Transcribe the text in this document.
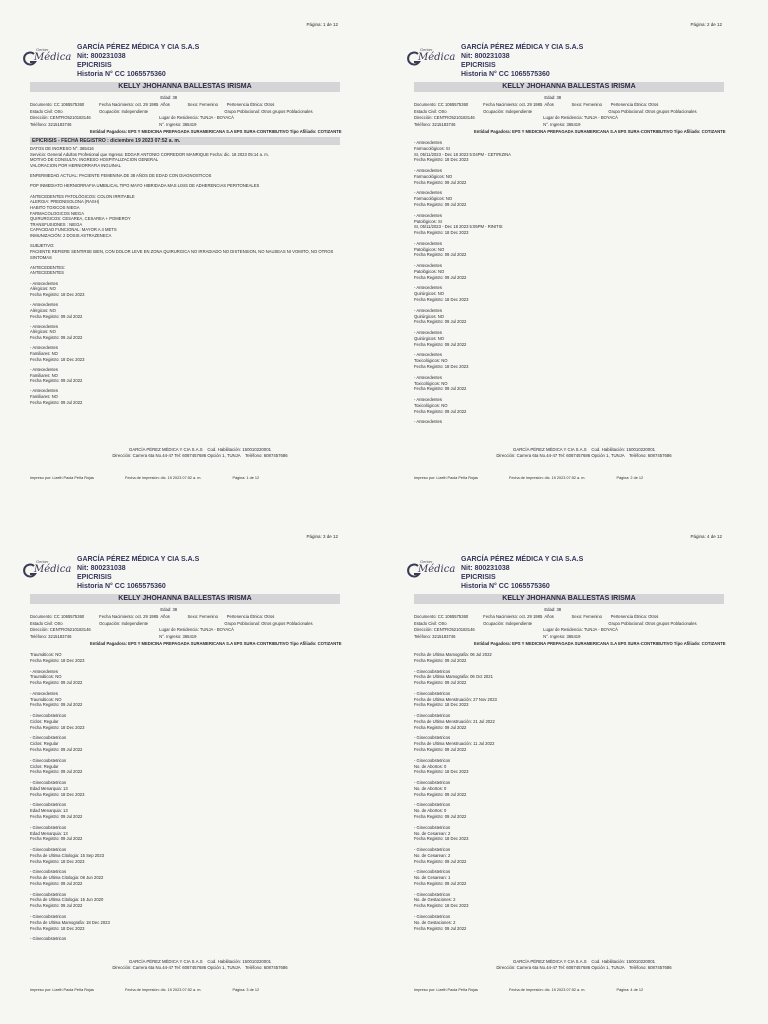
Página: 1 de 12
Gerber
Médica
GARCÍA PÉREZ MÉDICA Y CIA S.A.S
Nit: 800231038
EPICRISIS
Historia N° CC 1065575360
KELLY JHOHANNA BALLESTAS IRISMA
Documento: CC 1065575360	Fecha Nacimiento: oct. 29 1985 Edad: 38 Años	Sexo: Femenino Pertenencia Étnica: Otros
Estado Civil: Otro	Ocupación: Independiente	Grupo Poblacional: Otros grupos Poblacionales
Dirección: CENTRO5210183146	Lugar de Residencia: TUNJA - BOYACÁ
Teléfono: 3215183746	N°. Ingreso: 365419
Entidad Pagadora: EPS Y MEDICINA PREPAGADA SURAMERICANA S.A EPS SURA-CONTRIBUTIVO Tipo Afiliado: COTIZANTE
EPICRISIS - FECHA REGISTRO : diciembre 19 2023 07:52 a. m.
DATOS DE INGRESO N°: 365416
Servicio: General Adultos Profesional que Ingresa: EDGAR ANTONIO CORREDOR MANRIQUE Fecha: dic. 18 2023 05:14 a. m.
MOTIVO DE CONSULTA: INGRESO HOSPITALIZACION GENERAL
VALORACION POR HERNIORRAFIA INGUINAL
ENFERMEDAD ACTUAL: PACIENTE FEMENINA DE 38 AÑOS DE EDAD CON DIAGNOSTICOS
POP INMEDIATO HERNIORRAFIA UMBILICAL TIPO MAYO HIBRIDADA MAS LISIS DE ADHERENCIAS PERITONEALES
ANTECEDENTES PATOLÓGICOS: COLON IRRITABLE
ALERGIA: PREDNISOLONA (RASH)
HABITO TOXICOS NIEGA
FARMACOLOGICOS NIEGA
QUIRURGICOS: CESAREA, CESAREA + POMEROY
TRANSFUSIONES : NIEGA
CAPACIDAD FUNCIONAL: MAYOR A 4 METS
INMUNIZACIÓN: 2 DOSIS ASTRAZENECA
SUBJETIVO:
PACIENTE REFIERE SENTIRSE BIEN, CON DOLOR LEVE EN ZONA QUIRURGICA NO IRRADIADO NO DISTENSION, NO NAUSEAS NI VOMITO, NO OTROS
SINTOMAS
ANTECEDENTES:
ANTECEDENTES
- Antecedentes
Alérgicos: NO
Fecha Registro: 18 Dec 2023
- Antecedentes
Alérgicos: NO
Fecha Registro: 09 Jul 2022
- Antecedentes
Alérgicos: NO
Fecha Registro: 09 Jul 2022
- Antecedentes
Familiares: NO
Fecha Registro: 18 Dec 2023
- Antecedentes
Familiares: NO
Fecha Registro: 09 Jul 2022
- Antecedentes
Familiares: NO
Fecha Registro: 09 Jul 2022
GARCÍA PÉREZ MÉDICA Y CIA S.A.S Cod. Habilitación: 150010220001
Dirección: Carrera 6ta No.44-47 Tel: 6087457686 Opción 1, TUNJA Teléfono: 6087457686
Impreso por: Lizeth Paola Peña Rojas	Fecha de Impresión: dic. 19 2023 07:52 a. m.	Página: 1 de 12
Página: 2 de 12
Gerber
Médica
GARCÍA PÉREZ MÉDICA Y CIA S.A.S
Nit: 800231038
EPICRISIS
Historia N° CC 1065575360
KELLY JHOHANNA BALLESTAS IRISMA
Documento: CC 1065575360	Fecha Nacimiento: oct. 29 1985 Edad: 38 Años	Sexo: Femenino Pertenencia Étnica: Otros
Estado Civil: Otro	Ocupación: Independiente	Grupo Poblacional: Otros grupos Poblacionales
Dirección: CENTRO5210183146	Lugar de Residencia: TUNJA - BOYACÁ
Teléfono: 3215183746	N°. Ingreso: 365419
Entidad Pagadora: EPS Y MEDICINA PREPAGADA SURAMERICANA S.A EPS SURA-CONTRIBUTIVO Tipo Afiliado: COTIZANTE
- Antecedentes
Farmacológicos: SI
SI, 05/11/2023 - Dec 18 2023 5:04PM - CETIRIZINA
Fecha Registro: 18 Dec 2023
- Antecedentes
Farmacológicos: NO
Fecha Registro: 09 Jul 2022
- Antecedentes
Farmacológicos: NO
Fecha Registro: 09 Jul 2022
- Antecedentes
Patológicos: SI
SI, 05/11/2023 - Dec 18 2023 5:05PM - RINITIS
Fecha Registro: 18 Dec 2023
- Antecedentes
Patológicos: NO
Fecha Registro: 09 Jul 2022
- Antecedentes
Patológicos: NO
Fecha Registro: 09 Jul 2022
- Antecedentes
Quirúrgicos: NO
Fecha Registro: 18 Dec 2023
- Antecedentes
Quirúrgicos: NO
Fecha Registro: 09 Jul 2022
- Antecedentes
Quirúrgicos: NO
Fecha Registro: 09 Jul 2022
- Antecedentes
Toxicológicos: NO
Fecha Registro: 18 Dec 2023
- Antecedentes
Toxicológicos: NO
Fecha Registro: 09 Jul 2022
- Antecedentes
Toxicológicos: NO
Fecha Registro: 09 Jul 2022
- Antecedentes
GARCÍA PÉREZ MÉDICA Y CIA S.A.S Cod. Habilitación: 150010220001
Dirección: Carrera 6ta No.44-47 Tel: 6087457686 Opción 1, TUNJA Teléfono: 6087457686
Impreso por: Lizeth Paola Peña Rojas	Fecha de Impresión: dic. 19 2023 07:52 a. m.	Página: 2 de 12
Página: 3 de 12
Gerber
Médica
GARCÍA PÉREZ MÉDICA Y CIA S.A.S
Nit: 800231038
EPICRISIS
Historia N° CC 1065575360
KELLY JHOHANNA BALLESTAS IRISMA
Documento: CC 1065575360	Fecha Nacimiento: oct. 29 1985 Edad: 38 Años	Sexo: Femenino Pertenencia Étnica: Otros
Estado Civil: Otro	Ocupación: Independiente	Grupo Poblacional: Otros grupos Poblacionales
Dirección: CENTRO5210183146	Lugar de Residencia: TUNJA - BOYACÁ
Teléfono: 3215183746	N°. Ingreso: 365419
Entidad Pagadora: EPS Y MEDICINA PREPAGADA SURAMERICANA S.A EPS SURA-CONTRIBUTIVO Tipo Afiliado: COTIZANTE
Traumáticos: NO
Fecha Registro: 18 Dec 2023
- Antecedentes
Traumáticos: NO
Fecha Registro: 09 Jul 2022
- Antecedentes
Traumáticos: NO
Fecha Registro: 09 Jul 2022
- Ginecoobstetricos
Ciclos: Regular
Fecha Registro: 18 Dec 2023
- Ginecoobstetricos
Ciclos: Regular
Fecha Registro: 09 Jul 2022
- Ginecoobstetricos
Ciclos: Regular
Fecha Registro: 09 Jul 2022
- Ginecoobstetricos
Edad Menarquia: 13
Fecha Registro: 18 Dec 2023
- Ginecoobstetricos
Edad Menarquia: 13
Fecha Registro: 09 Jul 2022
- Ginecoobstetricos
Edad Menarquia: 13
Fecha Registro: 09 Jul 2022
- Ginecoobstetricos
Fecha de Ultima Citologia: 15 Sep 2023
Fecha Registro: 18 Dec 2023
- Ginecoobstetricos
Fecha de Ultima Citologia: 08 Jun 2022
Fecha Registro: 09 Jul 2022
- Ginecoobstetricos
Fecha de Ultima Citologia: 15 Jun 2020
Fecha Registro: 09 Jul 2022
- Ginecoobstetricos
Fecha de Ultima Mamografia: 18 Dec 2023
Fecha Registro: 18 Dec 2023
- Ginecoobstetricos
GARCÍA PÉREZ MÉDICA Y CIA S.A.S Cod. Habilitación: 150010220001
Dirección: Carrera 6ta No.44-47 Tel: 6087457686 Opción 1, TUNJA Teléfono: 6087457686
Impreso por: Lizeth Paola Peña Rojas	Fecha de Impresión: dic. 19 2023 07:52 a. m.	Página: 3 de 12
Página: 4 de 12
Gerber
Médica
GARCÍA PÉREZ MÉDICA Y CIA S.A.S
Nit: 800231038
EPICRISIS
Historia N° CC 1065575360
KELLY JHOHANNA BALLESTAS IRISMA
Documento: CC 1065575360	Fecha Nacimiento: oct. 29 1985 Edad: 38 Años	Sexo: Femenino Pertenencia Étnica: Otros
Estado Civil: Otro	Ocupación: Independiente	Grupo Poblacional: Otros grupos Poblacionales
Dirección: CENTRO5210183146	Lugar de Residencia: TUNJA - BOYACÁ
Teléfono: 3215183746	N°. Ingreso: 365419
Entidad Pagadora: EPS Y MEDICINA PREPAGADA SURAMERICANA S.A EPS SURA-CONTRIBUTIVO Tipo Afiliado: COTIZANTE
Fecha de Ultima Mamografia: 06 Jul 2022
Fecha Registro: 09 Jul 2022
- Ginecoobstetricos
Fecha de Ultima Mamografia: 06 Oct 2021
Fecha Registro: 09 Jul 2022
- Ginecoobstetricos
Fecha de Ultima Menstruación: 27 Nov 2023
Fecha Registro: 18 Dec 2023
- Ginecoobstetricos
Fecha de Ultima Menstruación: 21 Jul 2022
Fecha Registro: 09 Jul 2022
- Ginecoobstetricos
Fecha de Ultima Menstruación: 11 Jul 2022
Fecha Registro: 09 Jul 2022
- Ginecoobstetricos
No. de Abortos: 0
Fecha Registro: 18 Dec 2023
- Ginecoobstetricos
No. de Abortos: 0
Fecha Registro: 09 Jul 2022
- Ginecoobstetricos
No. de Abortos: 0
Fecha Registro: 09 Jul 2022
- Ginecoobstetricos
No. de Cesarean: 2
Fecha Registro: 18 Dec 2023
- Ginecoobstetricos
No. de Cesarean: 2
Fecha Registro: 09 Jul 2022
- Ginecoobstetricos
No. de Cesarean: 1
Fecha Registro: 09 Jul 2022
- Ginecoobstetricos
No. de Gestaciones: 2
Fecha Registro: 18 Dec 2023
- Ginecoobstetricos
No. de Gestaciones: 2
Fecha Registro: 09 Jul 2022
GARCÍA PÉREZ MÉDICA Y CIA S.A.S Cod. Habilitación: 150010220001
Dirección: Carrera 6ta No.44-47 Tel: 6087457686 Opción 1, TUNJA Teléfono: 6087457686
Impreso por: Lizeth Paola Peña Rojas	Fecha de Impresión: dic. 19 2023 07:52 a. m.	Página: 4 de 12
